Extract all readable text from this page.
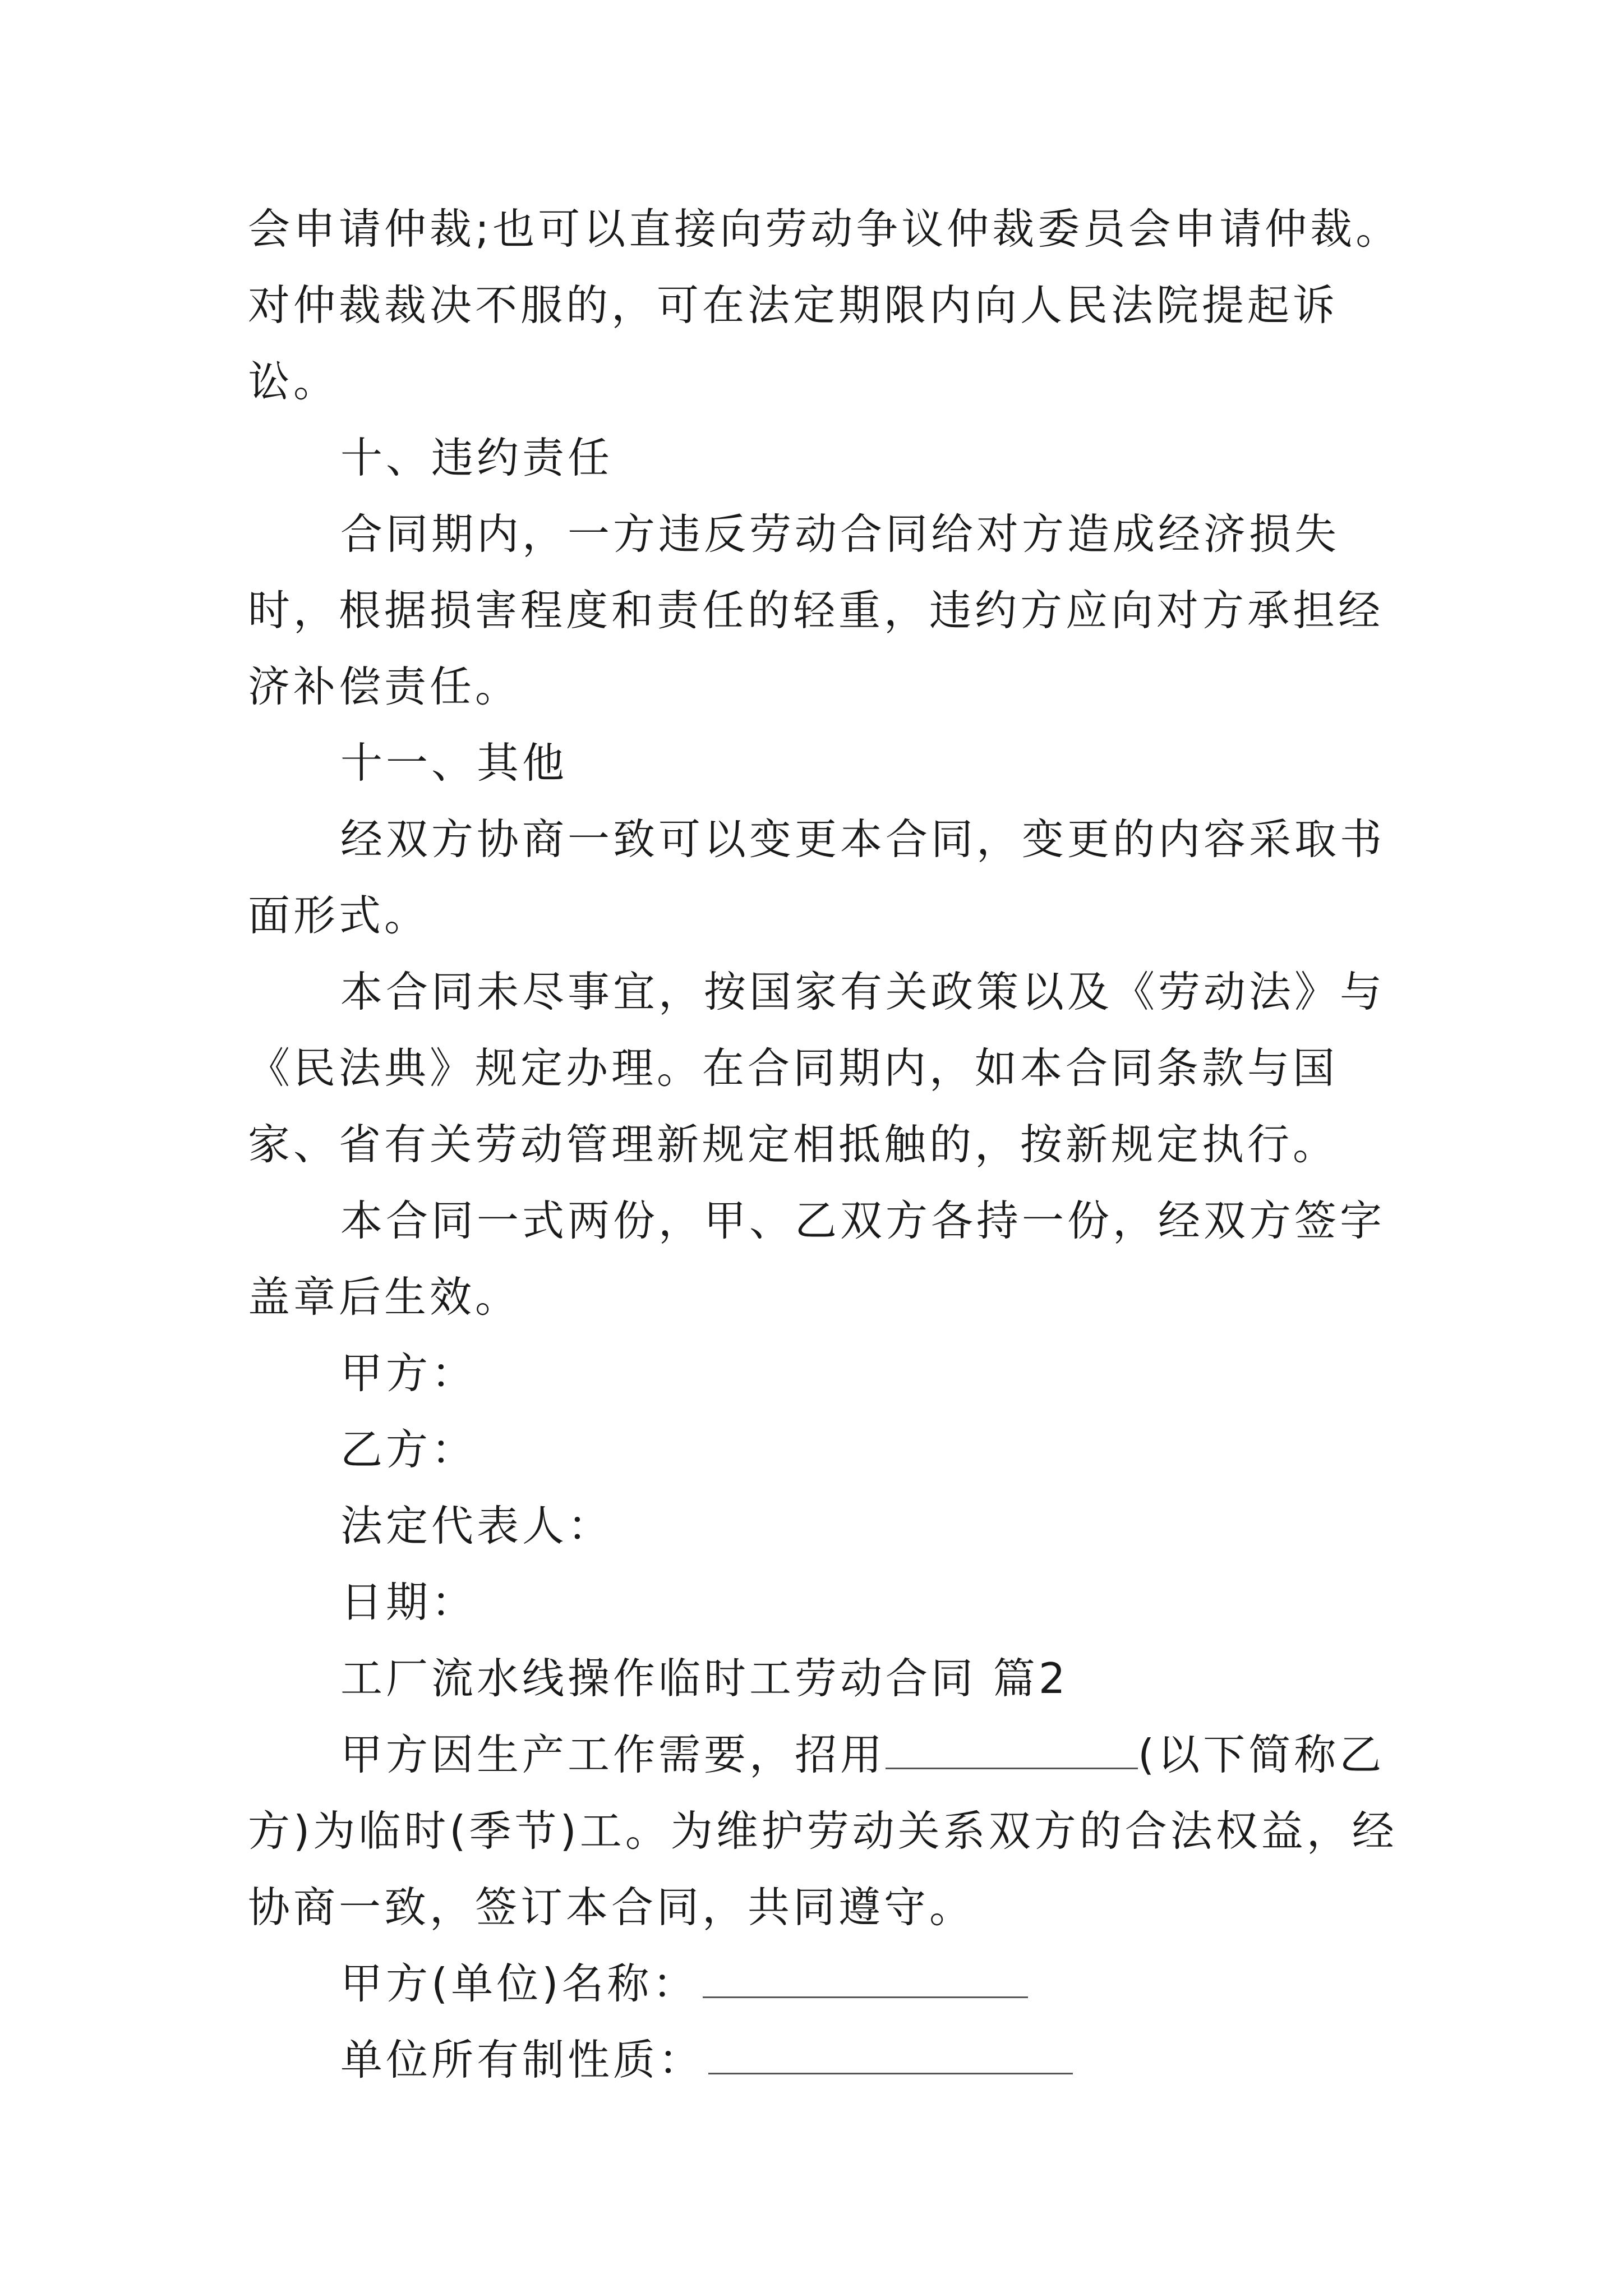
会申请仲裁;也可以直接向劳动争议仲裁委员会申请仲裁。对仲裁裁决不服的，可在法定期限内向人民法院提起诉讼。

十、违约责任

合同期内，一方违反劳动合同给对方造成经济损失时，根据损害程度和责任的轻重，违约方应向对方承担经济补偿责任。

十一、其他

经双方协商一致可以变更本合同，变更的内容采取书面形式。

本合同未尽事宜，按国家有关政策以及《劳动法》与《民法典》规定办理。在合同期内，如本合同条款与国家、省有关劳动管理新规定相抵触的，按新规定执行。

本合同一式两份，甲、乙双方各持一份，经双方签字盖章后生效。

甲方：

乙方：

法定代表人：

日期：

工厂流水线操作临时工劳动合同 篇2

甲方因生产工作需要，招用	(以下简称乙方)为临时(季节)工。为维护劳动关系双方的合法权益，经协商一致，签订本合同，共同遵守。

甲方(单位)名称：

单位所有制性质：
